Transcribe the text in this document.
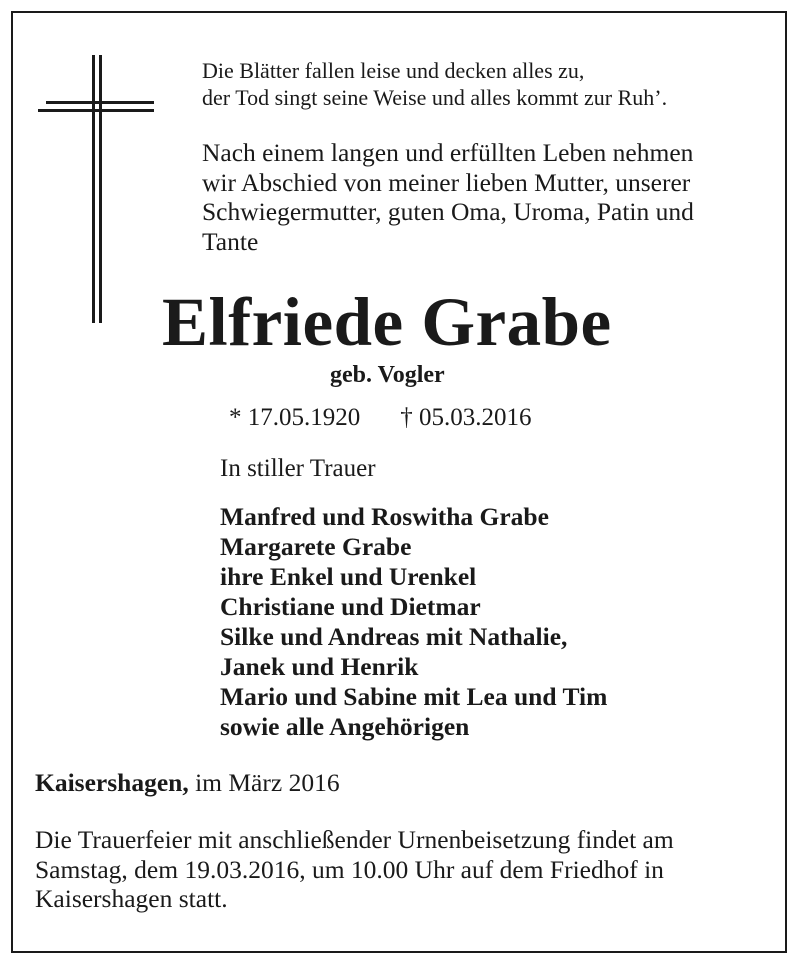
Die Blätter fallen leise und decken alles zu,
der Tod singt seine Weise und alles kommt zur Ruh’.
Nach einem langen und erfüllten Leben nehmen
wir Abschied von meiner lieben Mutter, unserer
Schwiegermutter, guten Oma, Uroma, Patin und
Tante
Elfriede Grabe
geb. Vogler
* 17.05.1920 † 05.03.2016
In stiller Trauer
Manfred und Roswitha Grabe
Margarete Grabe
ihre Enkel und Urenkel
Christiane und Dietmar
Silke und Andreas mit Nathalie,
Janek und Henrik
Mario und Sabine mit Lea und Tim
sowie alle Angehörigen
Kaisershagen, im März 2016
Die Trauerfeier mit anschließender Urnenbeisetzung findet am
Samstag, dem 19.03.2016, um 10.00 Uhr auf dem Friedhof in
Kaisershagen statt.
